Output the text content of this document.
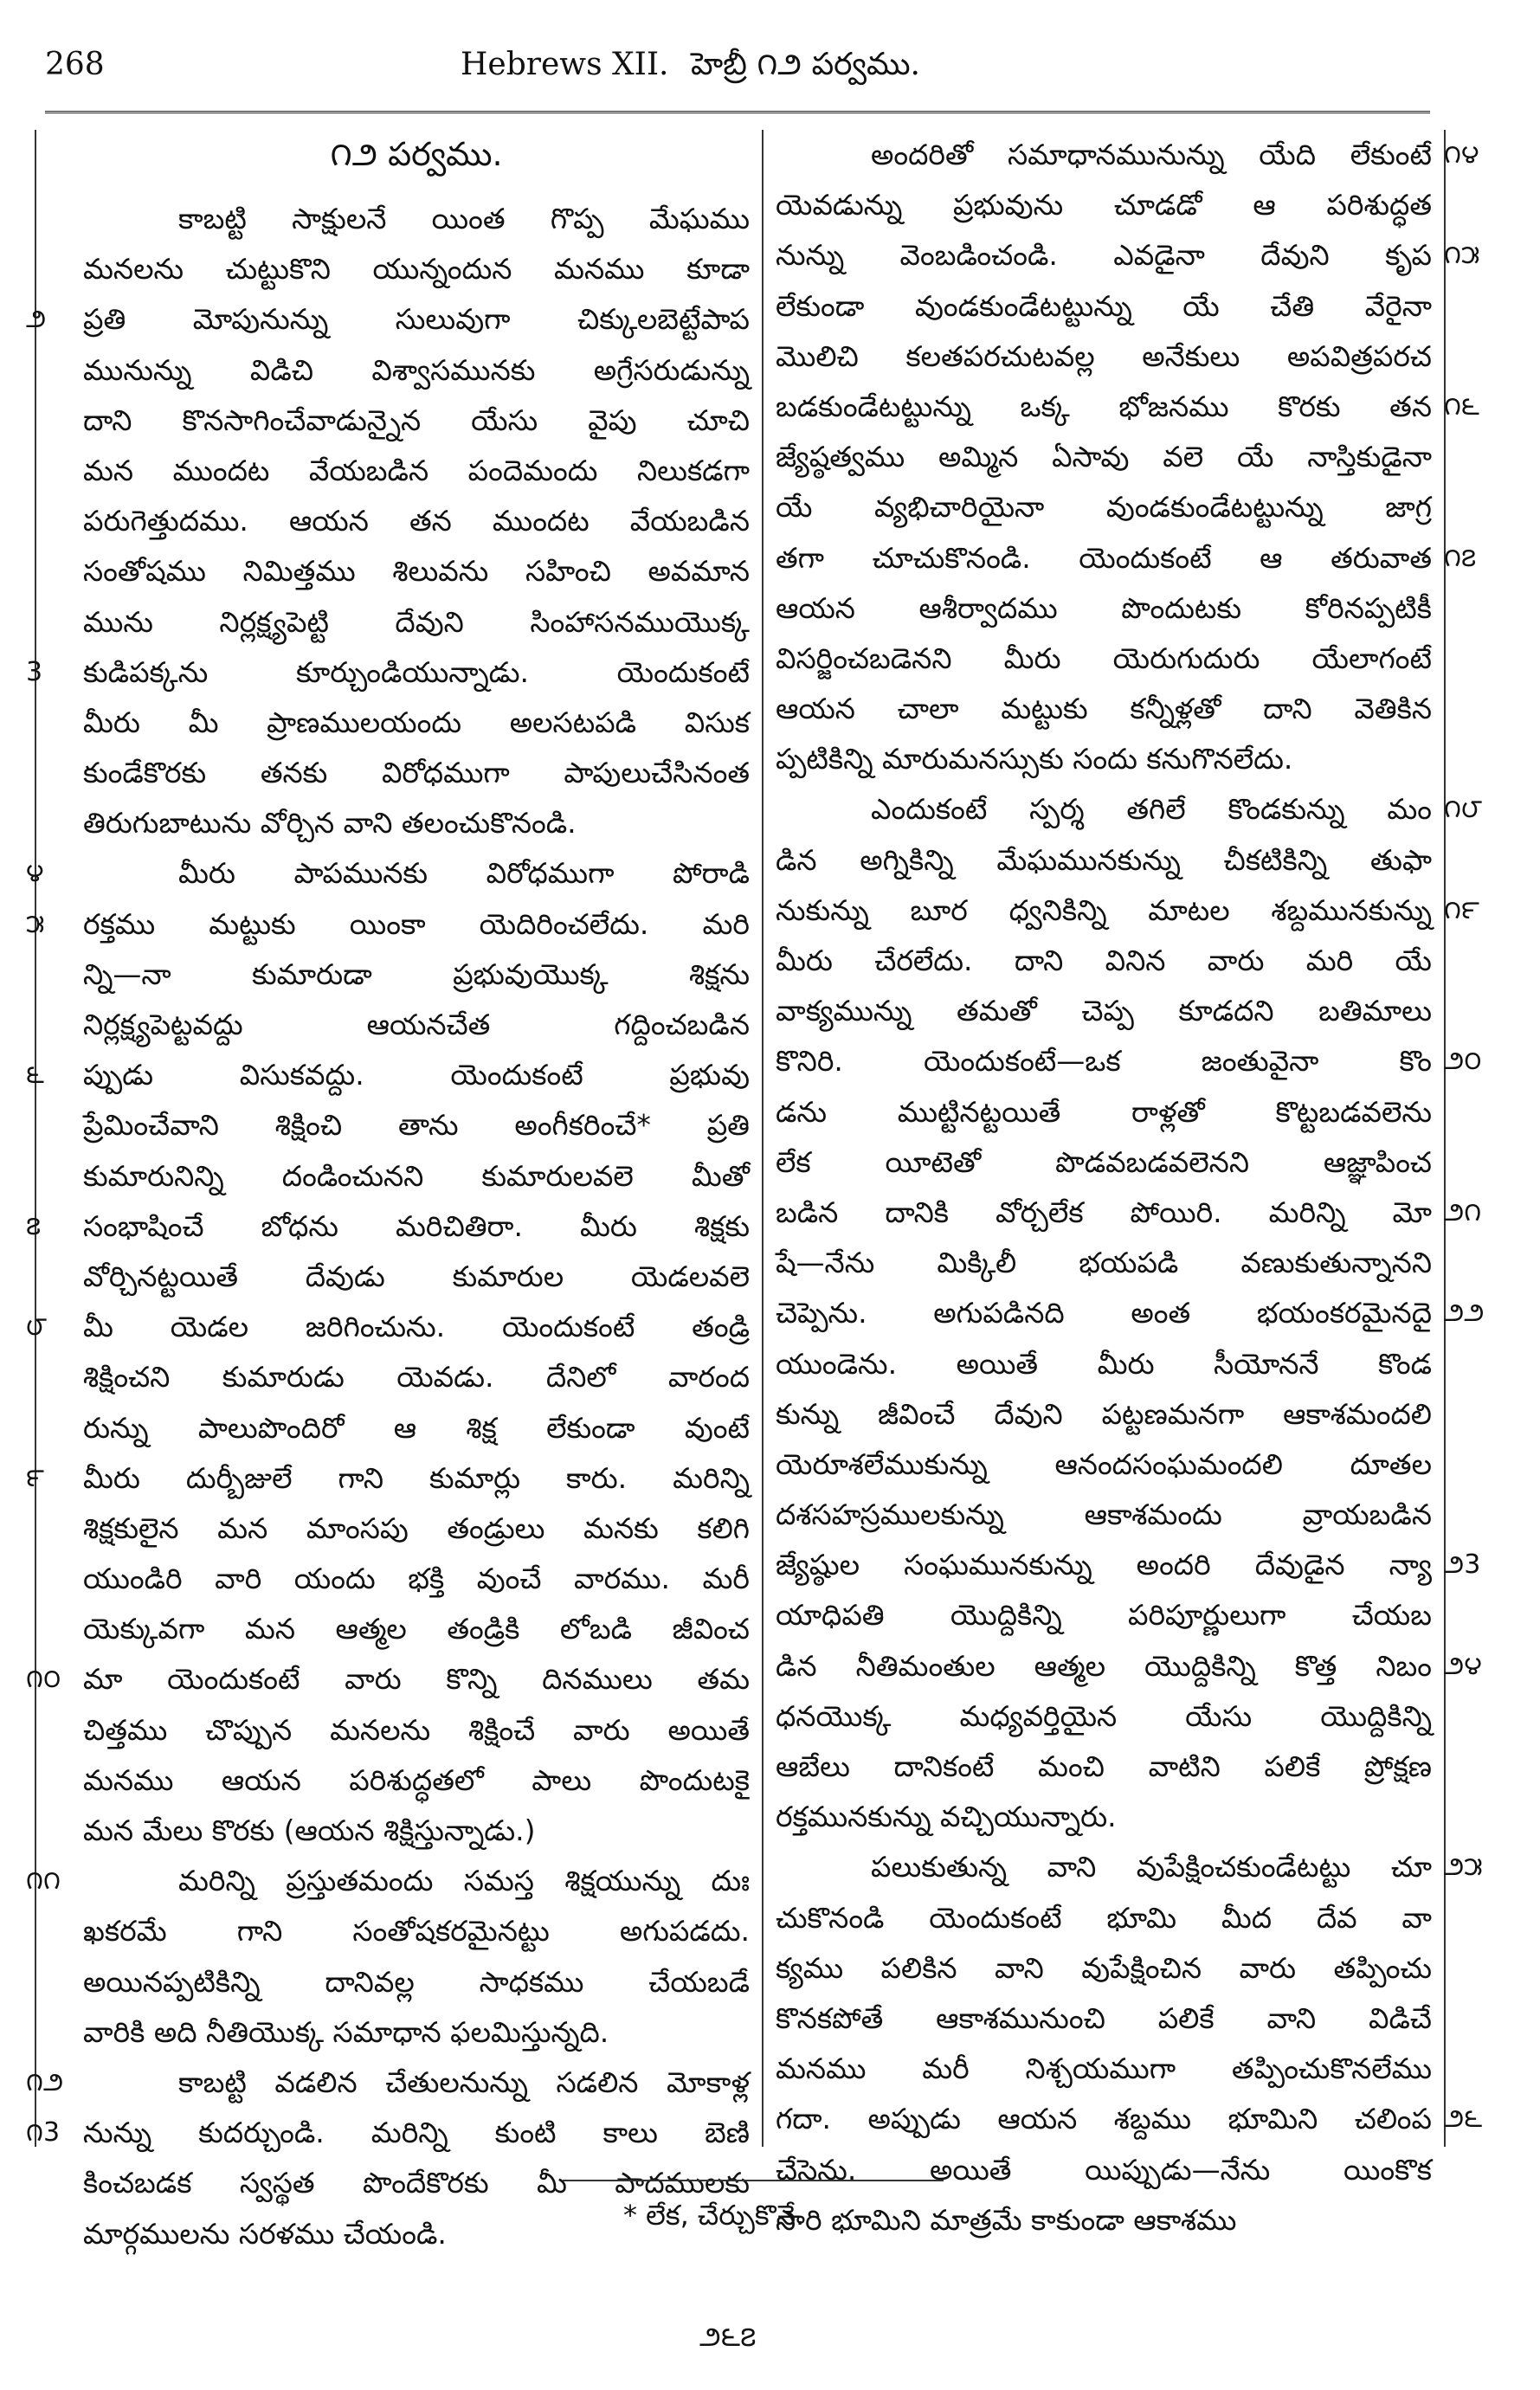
268	Hebrews XII. హెబ్రీ ౧౨ పర్వము.
౧౨ పర్వము.
కాబట్టి సాక్షులనే యింత గొప్ప మేఘము
మనలను చుట్టుకొని యున్నందున మనము కూడా
ప్రతి మోపునున్ను సులువుగా చిక్కులబెట్టేపాప
౨
మునున్ను విడిచి విశ్వాసమునకు అగ్రేసరుడున్ను
దాని కొనసాగించేవాడున్నైన యేసు వైపు చూచి
మన ముందట వేయబడిన పందెమందు నిలుకడగా
పరుగెత్తుదము. ఆయన తన ముందట వేయబడిన
సంతోషము నిమిత్తము శిలువను సహించి అవమాన
మును నిర్లక్ష్యపెట్టి దేవుని సింహాసనముయొక్క
కుడిపక్కను కూర్చుండియున్నాడు. యెందుకంటే
3
మీరు మీ ప్రాణములయందు అలసటపడి విసుక
కుండేకొరకు తనకు విరోధముగా పాపులుచేసినంత
తిరుగుబాటును వోర్చిన వాని తలంచుకొనండి.
మీరు పాపమునకు విరోధముగా పోరాడి
౪
రక్తము మట్టుకు యింకా యెదిరించలేదు. మరి
౫
న్ని—నా కుమారుడా ప్రభువుయొక్క శిక్షను
నిర్లక్ష్యపెట్టవద్దు ఆయనచేత గద్దించబడిన
ప్పుడు విసుకవద్దు. యెందుకంటే ప్రభువు
౬
ప్రేమించేవాని శిక్షించి తాను అంగీకరించే* ప్రతి
కుమారునిన్ని దండించునని కుమారులవలె మీతో
సంభాషించే బోధను మరిచితిరా. మీరు శిక్షకు
౭
వోర్చినట్టయితే దేవుడు కుమారుల యెడలవలె
మీ యెడల జరిగించును. యెందుకంటే తండ్రి
౮
శిక్షించని కుమారుడు యెవడు. దేనిలో వారంద
రున్ను పాలుపొందిరో ఆ శిక్ష లేకుండా వుంటే
మీరు దుర్బీజులే గాని కుమార్లు కారు. మరిన్ని
౯
శిక్షకులైన మన మాంసపు తండ్రులు మనకు కలిగి
యుండిరి వారి యందు భక్తి వుంచే వారము. మరీ
యెక్కువగా మన ఆత్మల తండ్రికి లోబడి జీవించ
మా యెందుకంటే వారు కొన్ని దినములు తమ
౧౦
చిత్తము చొప్పున మనలను శిక్షించే వారు అయితే
మనము ఆయన పరిశుద్ధతలో పాలు పొందుటకై
మన మేలు కొరకు (ఆయన శిక్షిస్తున్నాడు.)
మరిన్ని ప్రస్తుతమందు సమస్త శిక్షయున్ను దుః
౧౧
ఖకరమే గాని సంతోషకరమైనట్టు అగుపడదు.
అయినప్పటికిన్ని దానివల్ల సాధకము చేయబడే
వారికి అది నీతియొక్క సమాధాన ఫలమిస్తున్నది.
కాబట్టి వడలిన చేతులనున్ను సడలిన మోకాళ్ల
౧౨
నున్ను కుదర్చుండి. మరిన్ని కుంటి కాలు బెణి
౧3
కించబడక స్వస్థత పొందేకొరకు మీ పాదములకు
మార్గములను సరళము చేయండి.
అందరితో సమాధానమునున్ను యేది లేకుంటే ౧౪
యెవడున్ను ప్రభువును చూడడో ఆ పరిశుద్ధత
నున్ను వెంబడించండి. ఎవడైనా దేవుని కృప ౧౫
లేకుండా వుండకుండేటట్టున్ను యే చేతి వేరైనా
మొలిచి కలతపరచుటవల్ల అనేకులు అపవిత్రపరచ
బడకుండేటట్టున్ను ఒక్క భోజనము కొరకు తన ౧౬
జ్యేష్ఠత్వము అమ్మిన ఏసావు వలె యే నాస్తికుడైనా
యే వ్యభిచారియైనా వుండకుండేటట్టున్ను జాగ్ర
తగా చూచుకొనండి. యెందుకంటే ఆ తరువాత ౧౭
ఆయన ఆశీర్వాదము పొందుటకు కోరినప్పటికీ
విసర్జించబడెనని మీరు యెరుగుదురు యేలాగంటే
ఆయన చాలా మట్టుకు కన్నీళ్లతో దాని వెతికిన
ప్పటికిన్ని మారుమనస్సుకు సందు కనుగొనలేదు.
ఎందుకంటే స్పర్శ తగిలే కొండకున్ను మం ౧౮
డిన అగ్నికిన్ని మేఘమునకున్ను చీకటికిన్ని తుఫా
నుకున్ను బూర ధ్వనికిన్ని మాటల శబ్దమునకున్ను ౧౯
మీరు చేరలేదు. దాని వినిన వారు మరి యే
వాక్యమున్ను తమతో చెప్ప కూడదని బతిమాలు
కొనిరి. యెందుకంటే—ఒక జంతువైనా కొం ౨౦
డను ముట్టినట్టయితే రాళ్లతో కొట్టబడవలెను
లేక యీటెతో పొడవబడవలెనని ఆజ్ఞాపించ
బడిన దానికి వోర్చలేక పోయిరి. మరిన్ని మో ౨౧
షే—నేను మిక్కిలీ భయపడి వణుకుతున్నానని
చెప్పెను. అగుపడినది అంత భయంకరమైనదై ౨౨
యుండెను. అయితే మీరు సీయోననే కొండ
కున్ను జీవించే దేవుని పట్టణమనగా ఆకాశమందలి
యెరూశలేముకున్ను ఆనందసంఘమందలి దూతల
దశసహస్రములకున్ను ఆకాశమందు వ్రాయబడిన
జ్యేష్ఠుల సంఘమునకున్ను అందరి దేవుడైన న్యా ౨3
యాధిపతి యొద్దికిన్ని పరిపూర్ణులుగా చేయబ
డిన నీతిమంతుల ఆత్మల యొద్దికిన్ని కొత్త నిబం ౨౪
ధనయొక్క మధ్యవర్తియైన యేసు యొద్దికిన్ని
ఆబేలు దానికంటే మంచి వాటిని పలికే ప్రోక్షణ
రక్తమునకున్ను వచ్చియున్నారు.
పలుకుతున్న వాని వుపేక్షించకుండేటట్టు చూ ౨౫
చుకొనండి యెందుకంటే భూమి మీద దేవ వా
క్యము పలికిన వాని వుపేక్షించిన వారు తప్పించు
కొనకపోతే ఆకాశమునుంచి పలికే వాని విడిచే
మనము మరీ నిశ్చయముగా తప్పించుకొనలేము
గదా. అప్పుడు ఆయన శబ్దము భూమిని చలింప ౨౬
చేసెను. అయితే యిప్పుడు—నేను యింకొక
సారి భూమిని మాత్రమే కాకుండా ఆకాశము
* లేక, చేర్చుకొనే.
౨౬౭
